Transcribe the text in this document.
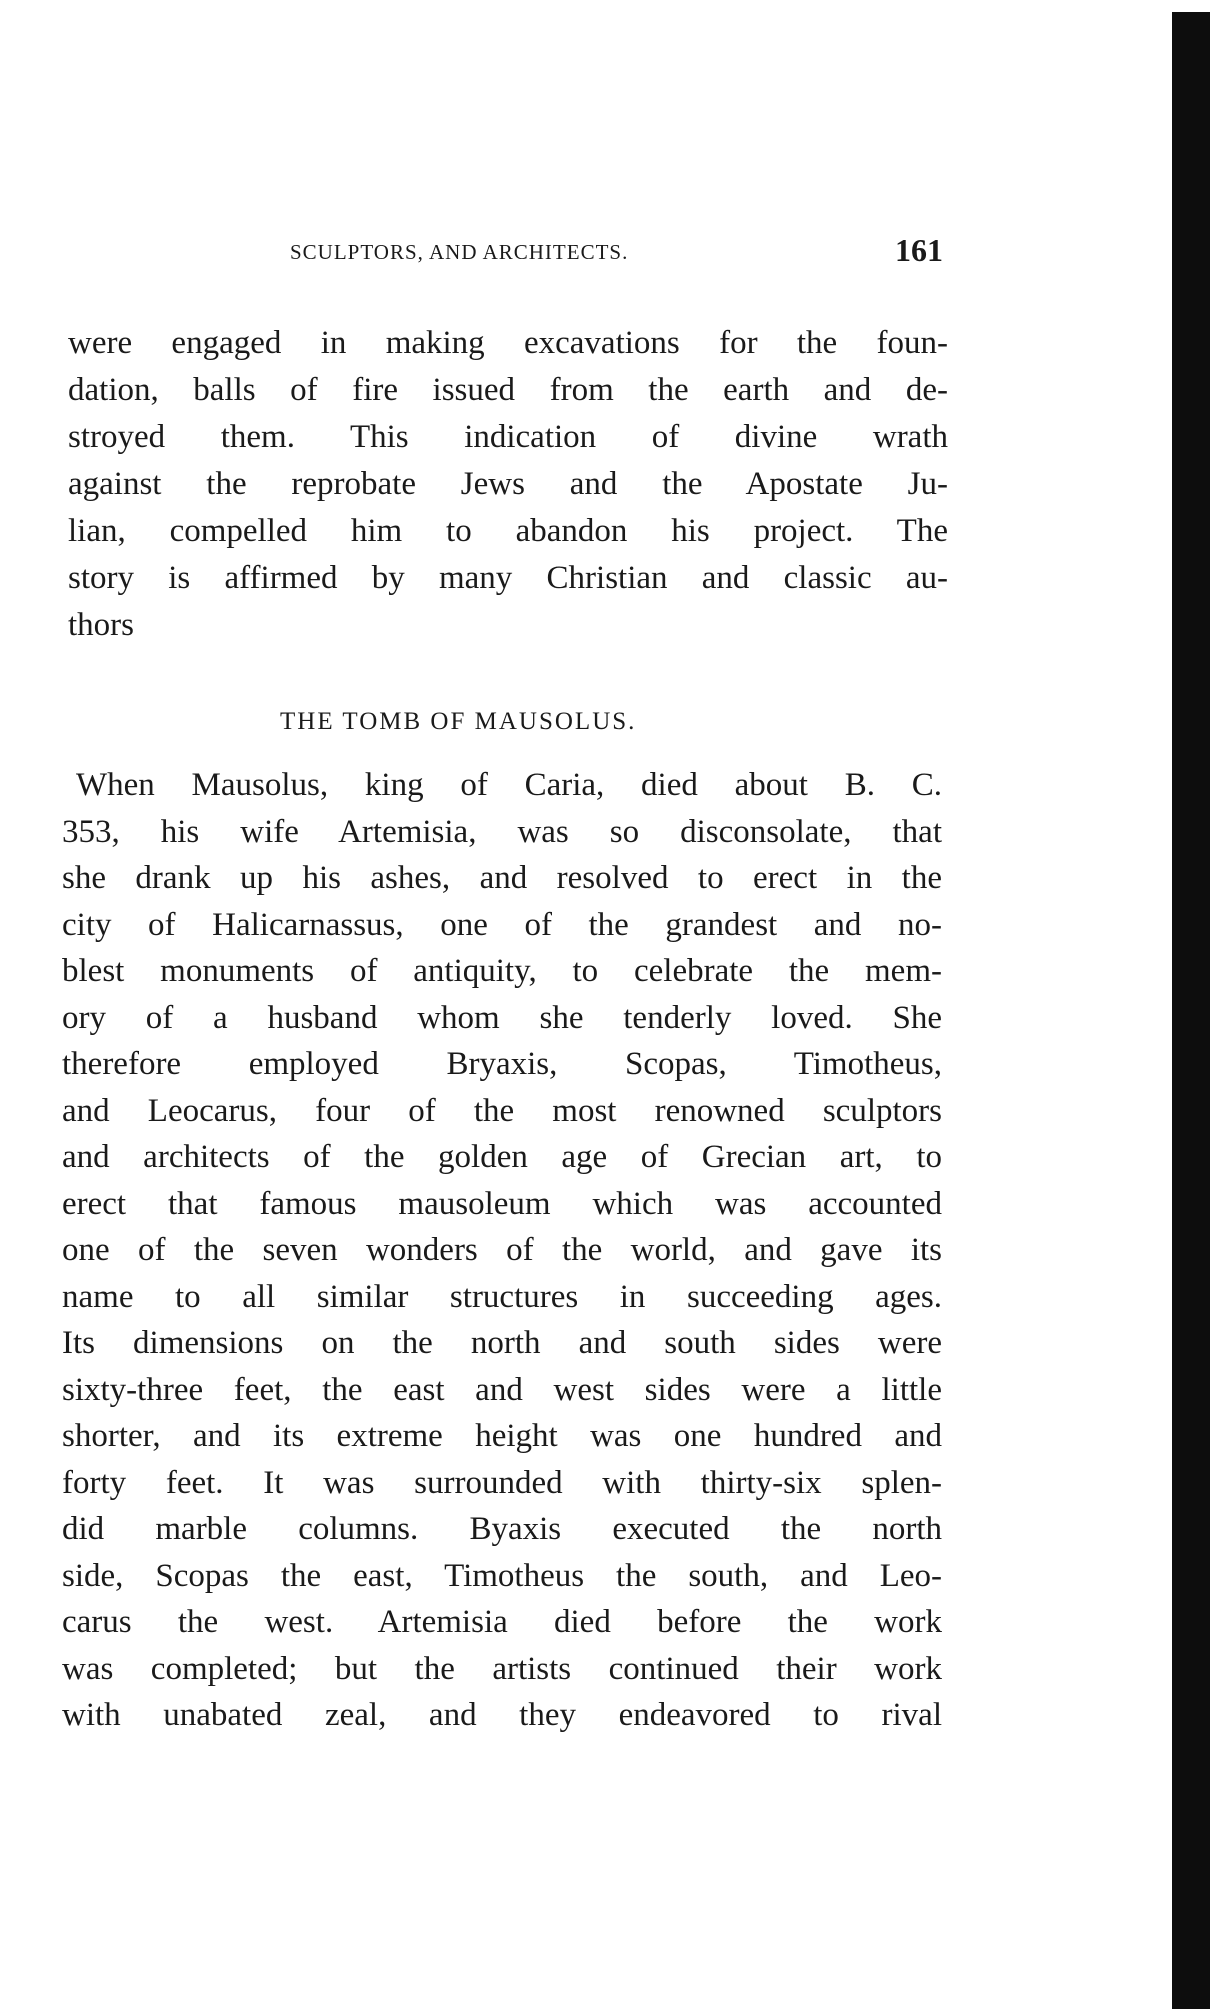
SCULPTORS, AND ARCHITECTS.	161
were engaged in making excavations for the foun-
dation, balls of fire issued from the earth and de-
stroyed them. This indication of divine wrath
against the reprobate Jews and the Apostate Ju-
lian, compelled him to abandon his project. The
story is affirmed by many Christian and classic au-
thors
THE TOMB OF MAUSOLUS.
When Mausolus, king of Caria, died about B. C.
353, his wife Artemisia, was so disconsolate, that
she drank up his ashes, and resolved to erect in the
city of Halicarnassus, one of the grandest and no-
blest monuments of antiquity, to celebrate the mem-
ory of a husband whom she tenderly loved. She
therefore employed Bryaxis, Scopas, Timotheus,
and Leocarus, four of the most renowned sculptors
and architects of the golden age of Grecian art, to
erect that famous mausoleum which was accounted
one of the seven wonders of the world, and gave its
name to all similar structures in succeeding ages.
Its dimensions on the north and south sides were
sixty-three feet, the east and west sides were a little
shorter, and its extreme height was one hundred and
forty feet. It was surrounded with thirty-six splen-
did marble columns. Byaxis executed the north
side, Scopas the east, Timotheus the south, and Leo-
carus the west. Artemisia died before the work
was completed; but the artists continued their work
with unabated zeal, and they endeavored to rival
